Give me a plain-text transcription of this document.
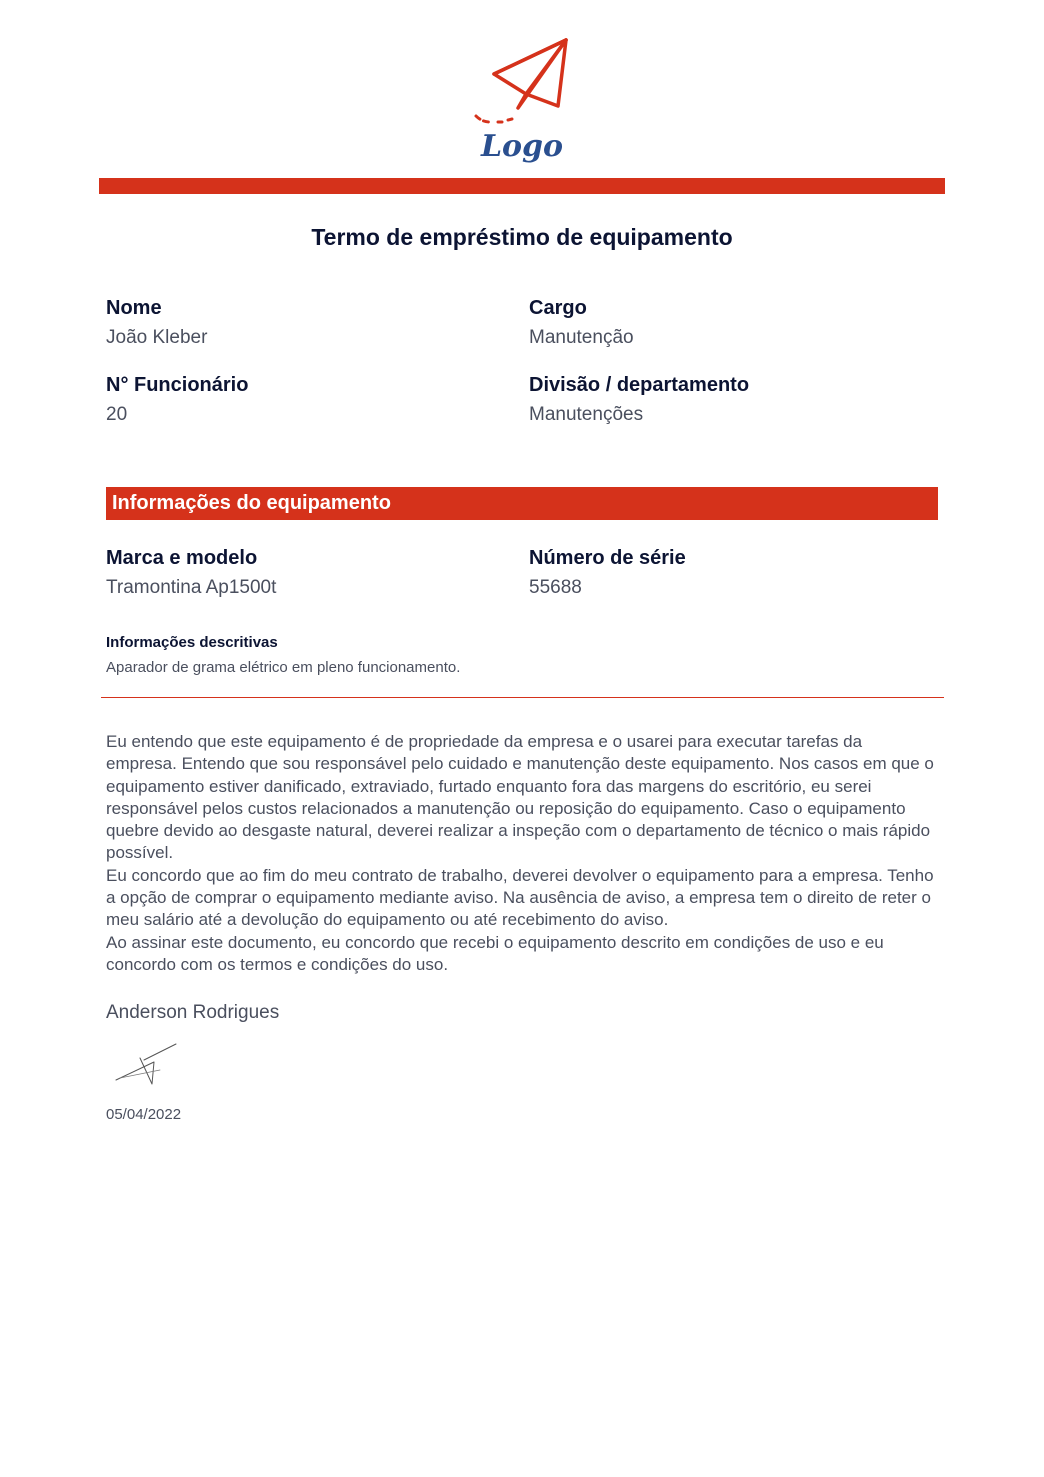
Logo
Termo de empréstimo de equipamento
Nome
João Kleber
Cargo
Manutenção
N° Funcionário
20
Divisão / departamento
Manutenções
Informações do equipamento
Marca e modelo
Tramontina Ap1500t
Número de série
55688
Informações descritivas
Aparador de grama elétrico em pleno funcionamento.

Eu entendo que este equipamento é de propriedade da empresa e o usarei para executar tarefas da empresa. Entendo que sou responsável pelo cuidado e manutenção deste equipamento. Nos casos em que o equipamento estiver danificado, extraviado, furtado enquanto fora das margens do escritório, eu serei responsável pelos custos relacionados a manutenção ou reposição do equipamento. Caso o equipamento quebre devido ao desgaste natural, deverei realizar a inspeção com o departamento de técnico o mais rápido possível.

Eu concordo que ao fim do meu contrato de trabalho, deverei devolver o equipamento para a empresa. Tenho a opção de comprar o equipamento mediante aviso. Na ausência de aviso, a empresa tem o direito de reter o meu salário até a devolução do equipamento ou até recebimento do aviso.

Ao assinar este documento, eu concordo que recebi o equipamento descrito em condições de uso e eu concordo com os termos e condições do uso.

Anderson Rodrigues
05/04/2022
